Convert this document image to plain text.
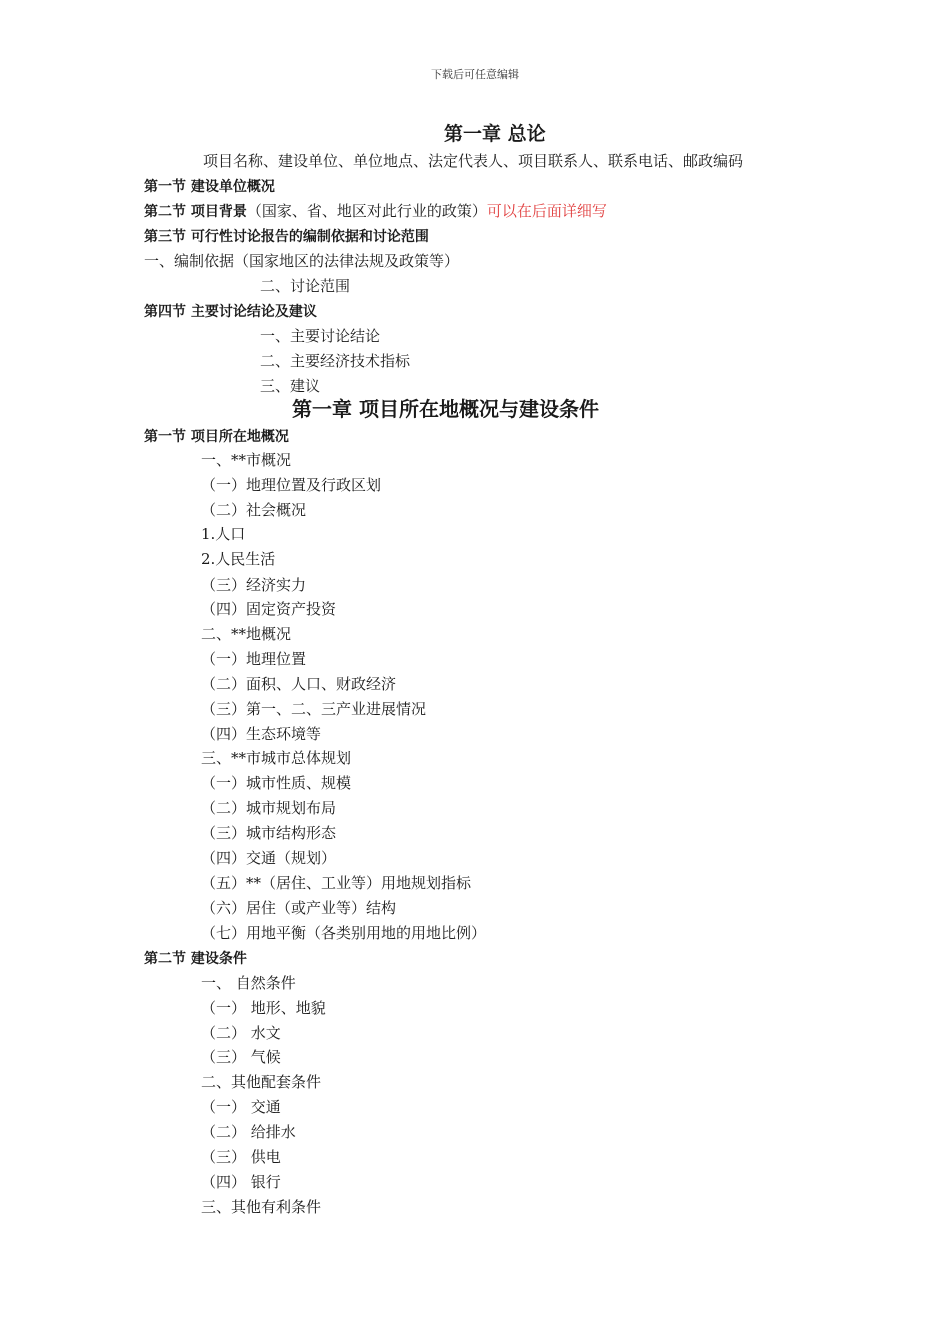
下载后可任意编辑
第一章 总论
项目名称、建设单位、单位地点、法定代表人、项目联系人、联系电话、邮政编码
第一节 建设单位概况
第二节 项目背景（国家、省、地区对此行业的政策）可以在后面详细写
第三节 可行性讨论报告的编制依据和讨论范围
一、编制依据（国家地区的法律法规及政策等）
二、讨论范围
第四节 主要讨论结论及建议
一、主要讨论结论
二、主要经济技术指标
三、建议
第一章 项目所在地概况与建设条件
第一节 项目所在地概况
一、**市概况
（一）地理位置及行政区划
（二）社会概况
1.人口
2.人民生活
（三）经济实力
（四）固定资产投资
二、**地概况
（一）地理位置
（二）面积、人口、财政经济
（三）第一、二、三产业进展情况
（四）生态环境等
三、**市城市总体规划
（一）城市性质、规模
（二）城市规划布局
（三）城市结构形态
（四）交通（规划）
（五）**（居住、工业等）用地规划指标
（六）居住（或产业等）结构
（七）用地平衡（各类别用地的用地比例）
第二节 建设条件
一、 自然条件
（一） 地形、地貌
（二） 水文
（三） 气候
二、其他配套条件
（一） 交通
（二） 给排水
（三） 供电
（四） 银行
三、其他有利条件
